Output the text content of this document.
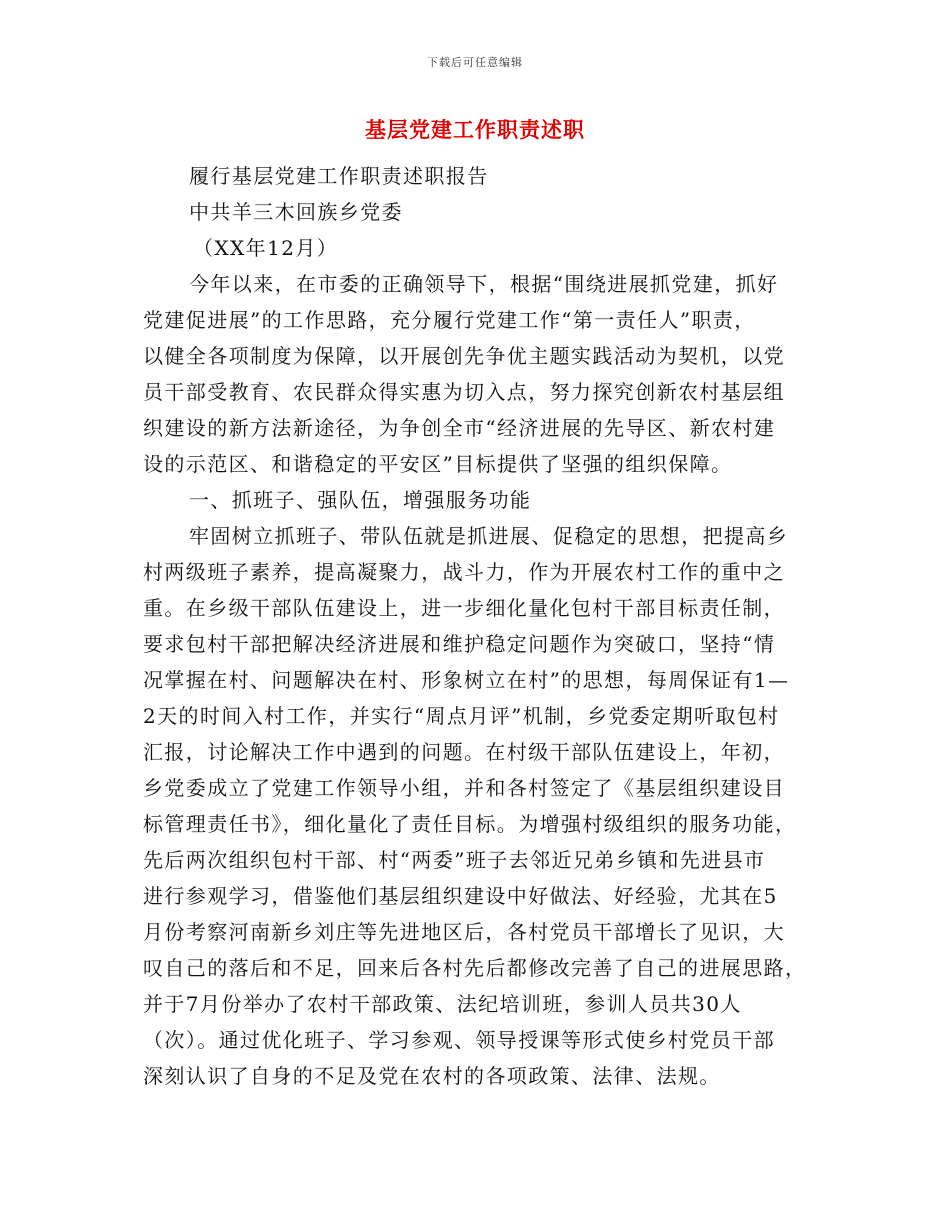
下载后可任意编辑
基层党建工作职责述职
履行基层党建工作职责述职报告
中共羊三木回族乡党委
（XX年12月）
今年以来，在市委的正确领导下，根据“围绕进展抓党建，抓好
党建促进展”的工作思路，充分履行党建工作“第一责任人”职责，
以健全各项制度为保障，以开展创先争优主题实践活动为契机，以党
员干部受教育、农民群众得实惠为切入点，努力探究创新农村基层组
织建设的新方法新途径，为争创全市“经济进展的先导区、新农村建
设的示范区、和谐稳定的平安区”目标提供了坚强的组织保障。
一、抓班子、强队伍，增强服务功能
牢固树立抓班子、带队伍就是抓进展、促稳定的思想，把提高乡
村两级班子素养，提高凝聚力，战斗力，作为开展农村工作的重中之
重。在乡级干部队伍建设上，进一步细化量化包村干部目标责任制，
要求包村干部把解决经济进展和维护稳定问题作为突破口，坚持“情
况掌握在村、问题解决在村、形象树立在村”的思想，每周保证有1—
2天的时间入村工作，并实行“周点月评”机制，乡党委定期听取包村
汇报，讨论解决工作中遇到的问题。在村级干部队伍建设上，年初，
乡党委成立了党建工作领导小组，并和各村签定了《基层组织建设目
标管理责任书》，细化量化了责任目标。为增强村级组织的服务功能，
先后两次组织包村干部、村“两委”班子去邻近兄弟乡镇和先进县市
进行参观学习，借鉴他们基层组织建设中好做法、好经验，尤其在5
月份考察河南新乡刘庄等先进地区后，各村党员干部增长了见识，大
叹自己的落后和不足，回来后各村先后都修改完善了自己的进展思路，
并于7月份举办了农村干部政策、法纪培训班，参训人员共30人
（次）。通过优化班子、学习参观、领导授课等形式使乡村党员干部
深刻认识了自身的不足及党在农村的各项政策、法律、法规。
